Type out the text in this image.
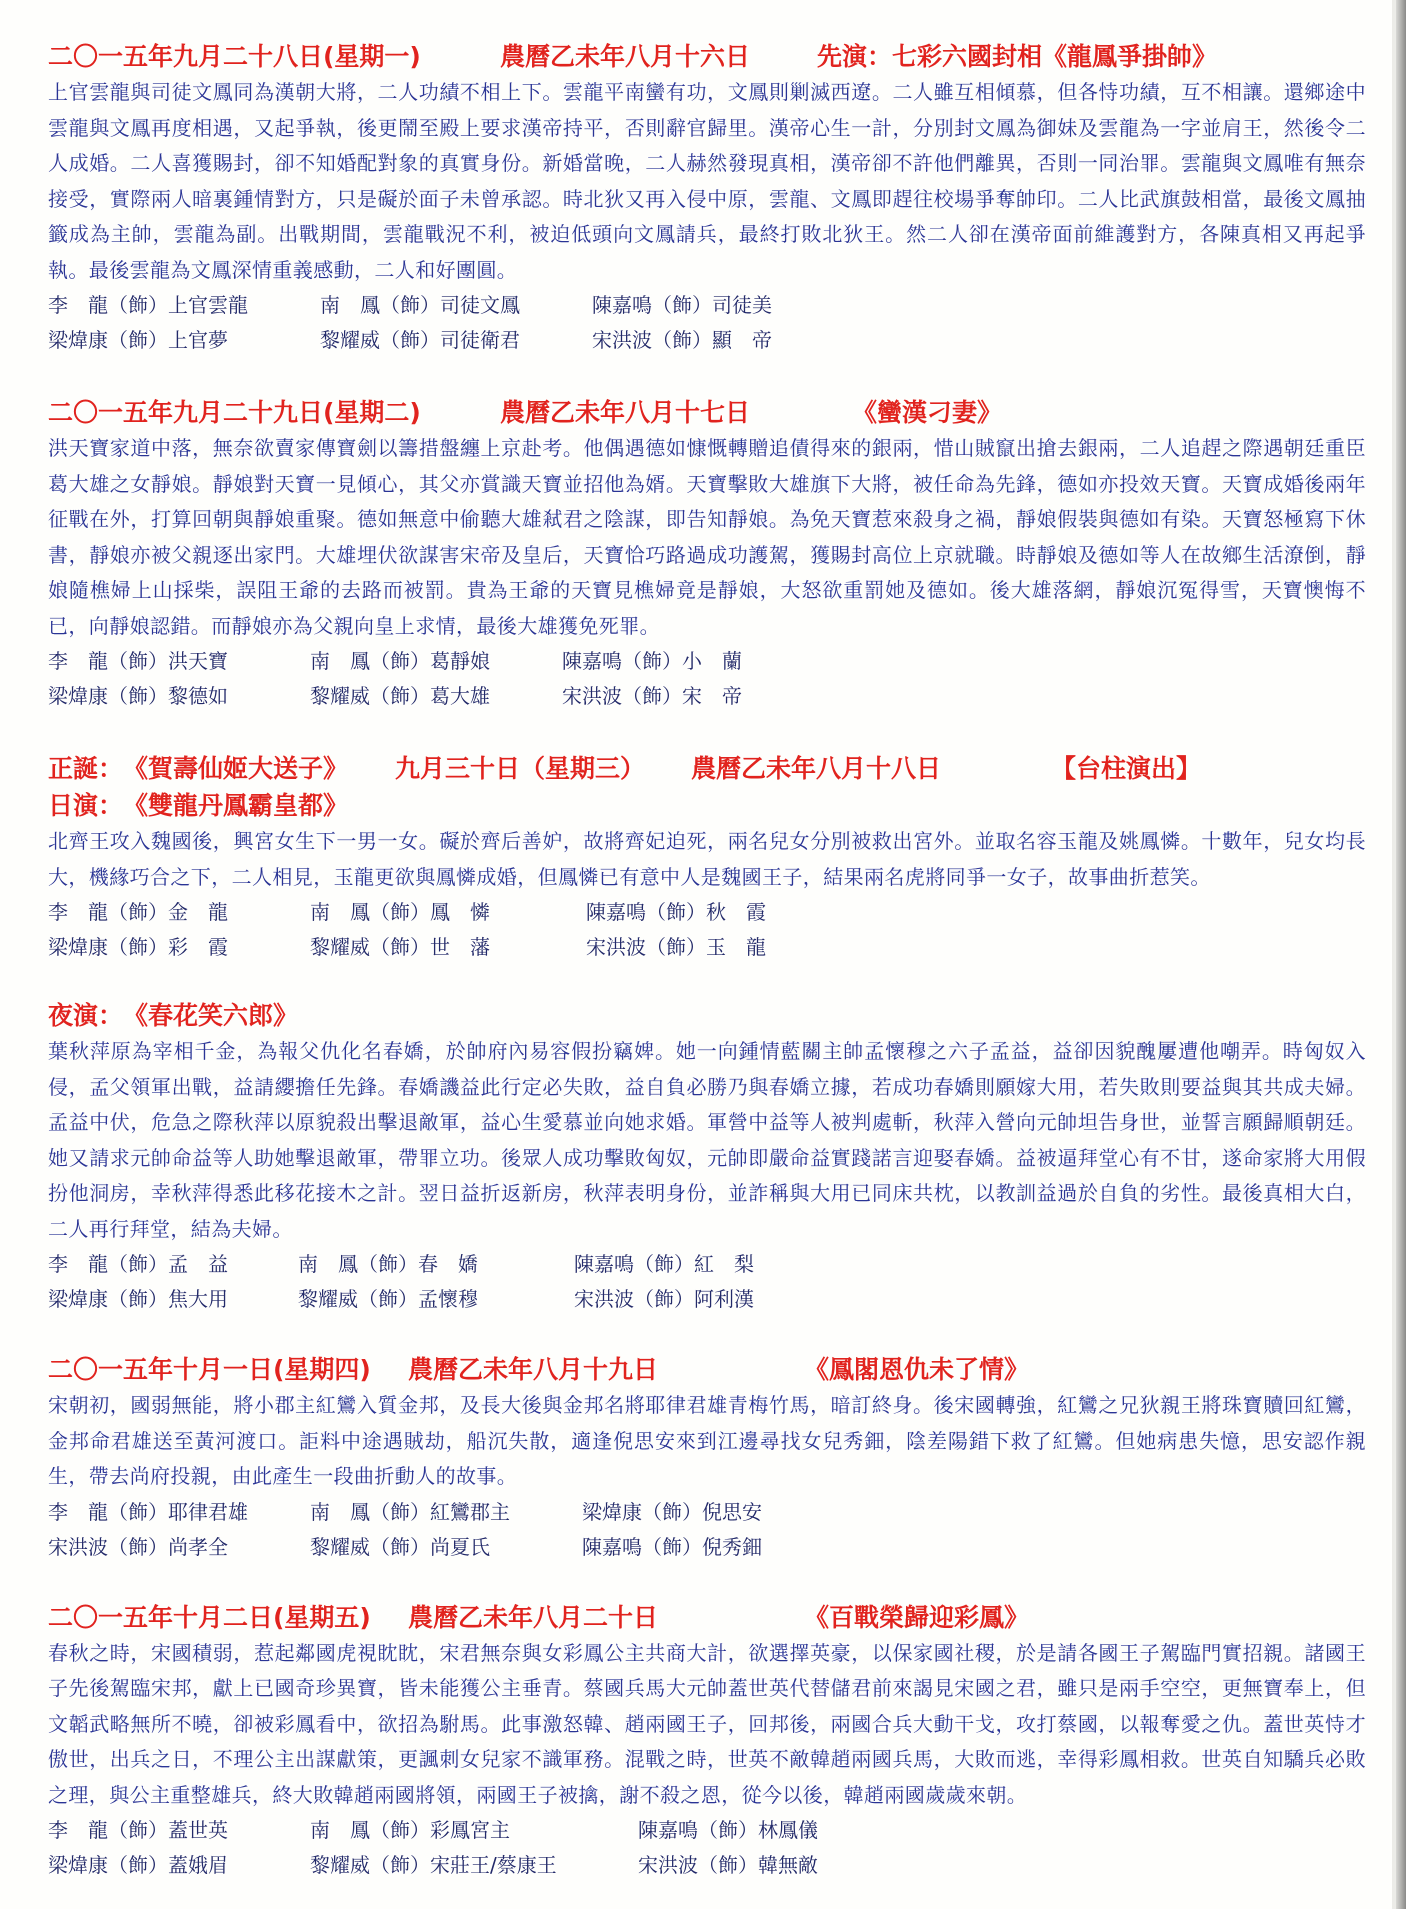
二〇一五年九月二十八日(星期一)	農曆乙未年八月十六日	先演：七彩六國封相 《龍鳳爭掛帥》

上官雲龍與司徒文鳳同為漢朝大將，二人功績不相上下。雲龍平南蠻有功，文鳳則剿滅西遼。二人雖互相傾慕，但各恃功績，互不相讓。還鄉途中雲龍與文鳳再度相遇，又起爭執，後更鬧至殿上要求漢帝持平，否則辭官歸里。漢帝心生一計，分別封文鳳為御妹及雲龍為一字並肩王，然後令二人成婚。二人喜獲賜封，卻不知婚配對象的真實身份。新婚當晚，二人赫然發現真相，漢帝卻不許他們離異，否則一同治罪。雲龍與文鳳唯有無奈接受，實際兩人暗裏鍾情對方，只是礙於面子未曾承認。時北狄又再入侵中原，雲龍、文鳳即趕往校場爭奪帥印。二人比武旗鼓相當，最後文鳳抽籤成為主帥，雲龍為副。出戰期間，雲龍戰況不利，被迫低頭向文鳳請兵，最終打敗北狄王。然二人卻在漢帝面前維護對方，各陳真相又再起爭執。最後雲龍為文鳳深情重義感動，二人和好團圓。

李　龍（飾）上官雲龍	南　鳳（飾）司徒文鳳	陳嘉鳴（飾）司徒美
梁煒康（飾）上官夢	黎耀威（飾）司徒衛君	宋洪波（飾）顯　帝
二〇一五年九月二十九日(星期二)	農曆乙未年八月十七日	《蠻漢刁妻》

洪天寶家道中落，無奈欲賣家傳寶劍以籌措盤纏上京赴考。他偶遇德如慷慨轉贈追債得來的銀兩，惜山賊竄出搶去銀兩，二人追趕之際遇朝廷重臣葛大雄之女靜娘。靜娘對天寶一見傾心，其父亦賞識天寶並招他為婿。天寶擊敗大雄旗下大將，被任命為先鋒，德如亦投效天寶。天寶成婚後兩年征戰在外，打算回朝與靜娘重聚。德如無意中偷聽大雄弒君之陰謀，即告知靜娘。為免天寶惹來殺身之禍，靜娘假裝與德如有染。天寶怒極寫下休書，靜娘亦被父親逐出家門。大雄埋伏欲謀害宋帝及皇后，天寶恰巧路過成功護駕，獲賜封高位上京就職。時靜娘及德如等人在故鄉生活潦倒，靜娘隨樵婦上山採柴，誤阻王爺的去路而被罰。貴為王爺的天寶見樵婦竟是靜娘，大怒欲重罰她及德如。後大雄落網，靜娘沉冤得雪，天寶懊悔不已，向靜娘認錯。而靜娘亦為父親向皇上求情，最後大雄獲免死罪。

李　龍（飾）洪天寶	南　鳳（飾）葛靜娘	陳嘉鳴（飾）小　蘭
梁煒康（飾）黎德如	黎耀威（飾）葛大雄	宋洪波（飾）宋　帝
正誕： 《賀壽仙姬大送子》	九月三十日（星期三）	農曆乙未年八月十八日	【台柱演出】
日演： 《雙龍丹鳳霸皇都》

北齊王攻入魏國後，興宮女生下一男一女。礙於齊后善妒，故將齊妃迫死，兩名兒女分別被救出宮外。並取名容玉龍及姚鳳憐。十數年，兒女均長大，機緣巧合之下，二人相見，玉龍更欲與鳳憐成婚，但鳳憐已有意中人是魏國王子，結果兩名虎將同爭一女子，故事曲折惹笑。

李　龍（飾）金　龍	南　鳳（飾）鳳　憐	陳嘉鳴（飾）秋　霞
梁煒康（飾）彩　霞	黎耀威（飾）世　藩	宋洪波（飾）玉　龍
夜演： 《春花笑六郎》

葉秋萍原為宰相千金，為報父仇化名春嬌，於帥府內易容假扮竊婢。她一向鍾情藍關主帥孟懷穆之六子孟益，益卻因貌醜屢遭他嘲弄。時匈奴入侵，孟父領軍出戰，益請纓擔任先鋒。春嬌譏益此行定必失敗，益自負必勝乃與春嬌立據，若成功春嬌則願嫁大用，若失敗則要益與其共成夫婦。孟益中伏，危急之際秋萍以原貌殺出擊退敵軍，益心生愛慕並向她求婚。軍營中益等人被判處斬，秋萍入營向元帥坦告身世，並誓言願歸順朝廷。她又請求元帥命益等人助她擊退敵軍，帶罪立功。後眾人成功擊敗匈奴，元帥即嚴命益實踐諾言迎娶春嬌。益被逼拜堂心有不甘，遂命家將大用假扮他洞房，幸秋萍得悉此移花接木之計。翌日益折返新房，秋萍表明身份，並詐稱與大用已同床共枕，以教訓益過於自負的劣性。最後真相大白，二人再行拜堂，結為夫婦。

李　龍（飾）孟　益	南　鳳（飾）春　嬌	陳嘉鳴（飾）紅　梨
梁煒康（飾）焦大用	黎耀威（飾）孟懷穆	宋洪波（飾）阿利漢
二〇一五年十月一日(星期四)	農曆乙未年八月十九日	《鳳閣恩仇未了情》

宋朝初，國弱無能，將小郡主紅鸞入質金邦，及長大後與金邦名將耶律君雄青梅竹馬，暗訂終身。後宋國轉強，紅鸞之兄狄親王將珠寶贖回紅鸞，金邦命君雄送至黃河渡口。詎料中途遇賊劫，船沉失散，適逢倪思安來到江邊尋找女兒秀鈿，陰差陽錯下救了紅鸞。但她病患失憶，思安認作親生，帶去尚府投親，由此產生一段曲折動人的故事。

李　龍（飾）耶律君雄	南　鳳（飾）紅鸞郡主	梁煒康（飾）倪思安
宋洪波（飾）尚孝全	黎耀威（飾）尚夏氏	陳嘉鳴（飾）倪秀鈿
二〇一五年十月二日(星期五)	農曆乙未年八月二十日	《百戰榮歸迎彩鳳》

春秋之時，宋國積弱，惹起鄰國虎視眈眈，宋君無奈與女彩鳳公主共商大計，欲選擇英豪，以保家國社稷，於是請各國王子駕臨門實招親。諸國王子先後駕臨宋邦，獻上已國奇珍異寶，皆未能獲公主垂青。蔡國兵馬大元帥蓋世英代替儲君前來謁見宋國之君，雖只是兩手空空，更無寶奉上，但文韜武略無所不曉，卻被彩鳳看中，欲招為駙馬。此事激怒韓、趙兩國王子，回邦後，兩國合兵大動干戈，攻打蔡國，以報奪愛之仇。蓋世英恃才傲世，出兵之日，不理公主出謀獻策，更諷刺女兒家不識軍務。混戰之時，世英不敵韓趙兩國兵馬，大敗而逃，幸得彩鳳相救。世英自知驕兵必敗之理，與公主重整雄兵，終大敗韓趙兩國將領，兩國王子被擒，謝不殺之恩，從今以後，韓趙兩國歲歲來朝。

李　龍（飾）蓋世英	南　鳳（飾）彩鳳宮主	陳嘉鳴（飾）林鳳儀
梁煒康（飾）蓋娥眉	黎耀威（飾）宋莊王/蔡康王	宋洪波（飾）韓無敵
